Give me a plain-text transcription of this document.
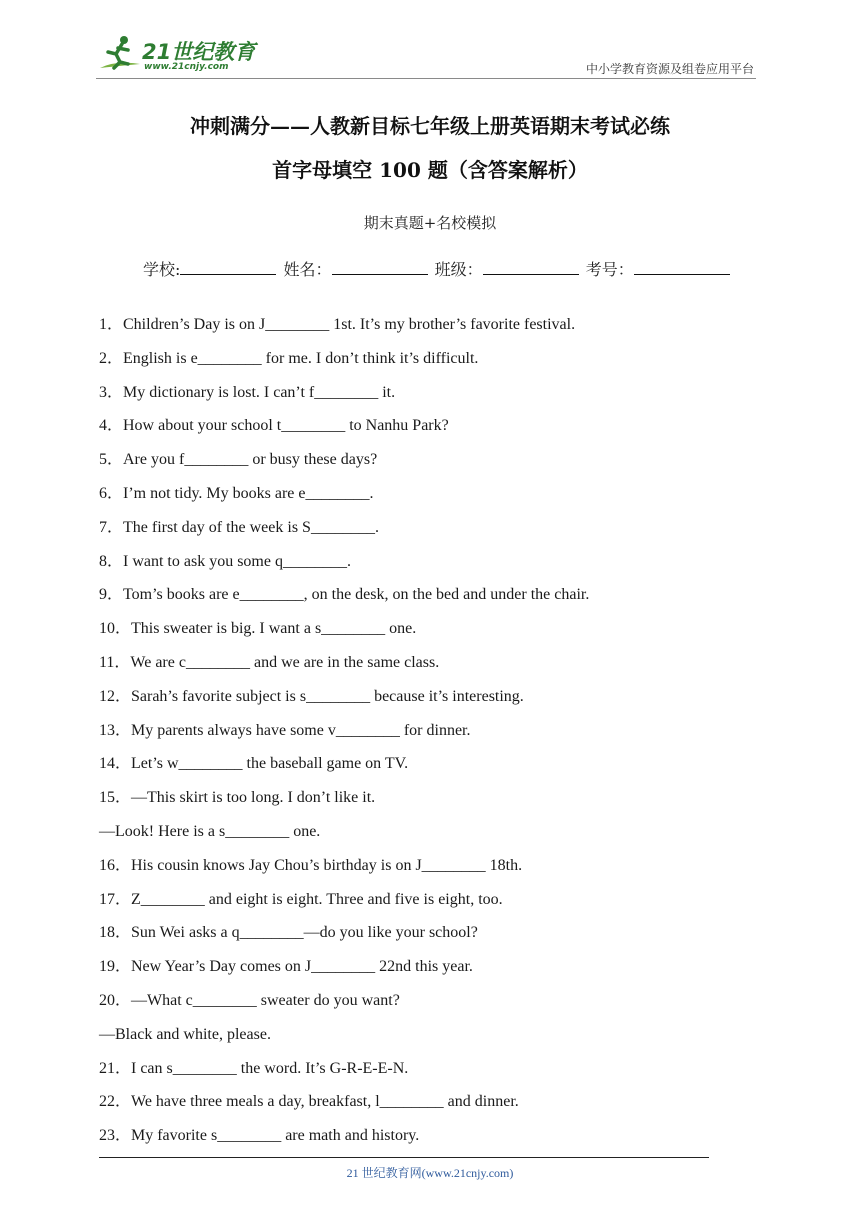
21世纪教育
www.21cnjy.com	中小学教育资源及组卷应用平台
冲刺满分——人教新目标七年级上册英语期末考试必练
首字母填空 100 题（含答案解析）
期末真题+名校模拟
学校:	姓名：	班级：	考号：
1．Children’s Day is on J________ 1st. It’s my brother’s favorite festival.
2．English is e________ for me. I don’t think it’s difficult.
3．My dictionary is lost. I can’t f________ it.
4．How about your school t________ to Nanhu Park?
5．Are you f________ or busy these days?
6．I’m not tidy. My books are e________.
7．The first day of the week is S________.
8．I want to ask you some q________.
9．Tom’s books are e________, on the desk, on the bed and under the chair.
10．This sweater is big. I want a s________ one.
11．We are c________ and we are in the same class.
12．Sarah’s favorite subject is s________ because it’s interesting.
13．My parents always have some v________ for dinner.
14．Let’s w________ the baseball game on TV.
15．—This skirt is too long. I don’t like it.
—Look! Here is a s________ one.
16．His cousin knows Jay Chou’s birthday is on J________ 18th.
17．Z________ and eight is eight. Three and five is eight, too.
18．Sun Wei asks a q________—do you like your school?
19．New Year’s Day comes on J________ 22nd this year.
20．—What c________ sweater do you want?
—Black and white, please.
21．I can s________ the word. It’s G-R-E-E-N.
22．We have three meals a day, breakfast, l________ and dinner.
23．My favorite s________ are math and history.
21 世纪教育网(www.21cnjy.com)
